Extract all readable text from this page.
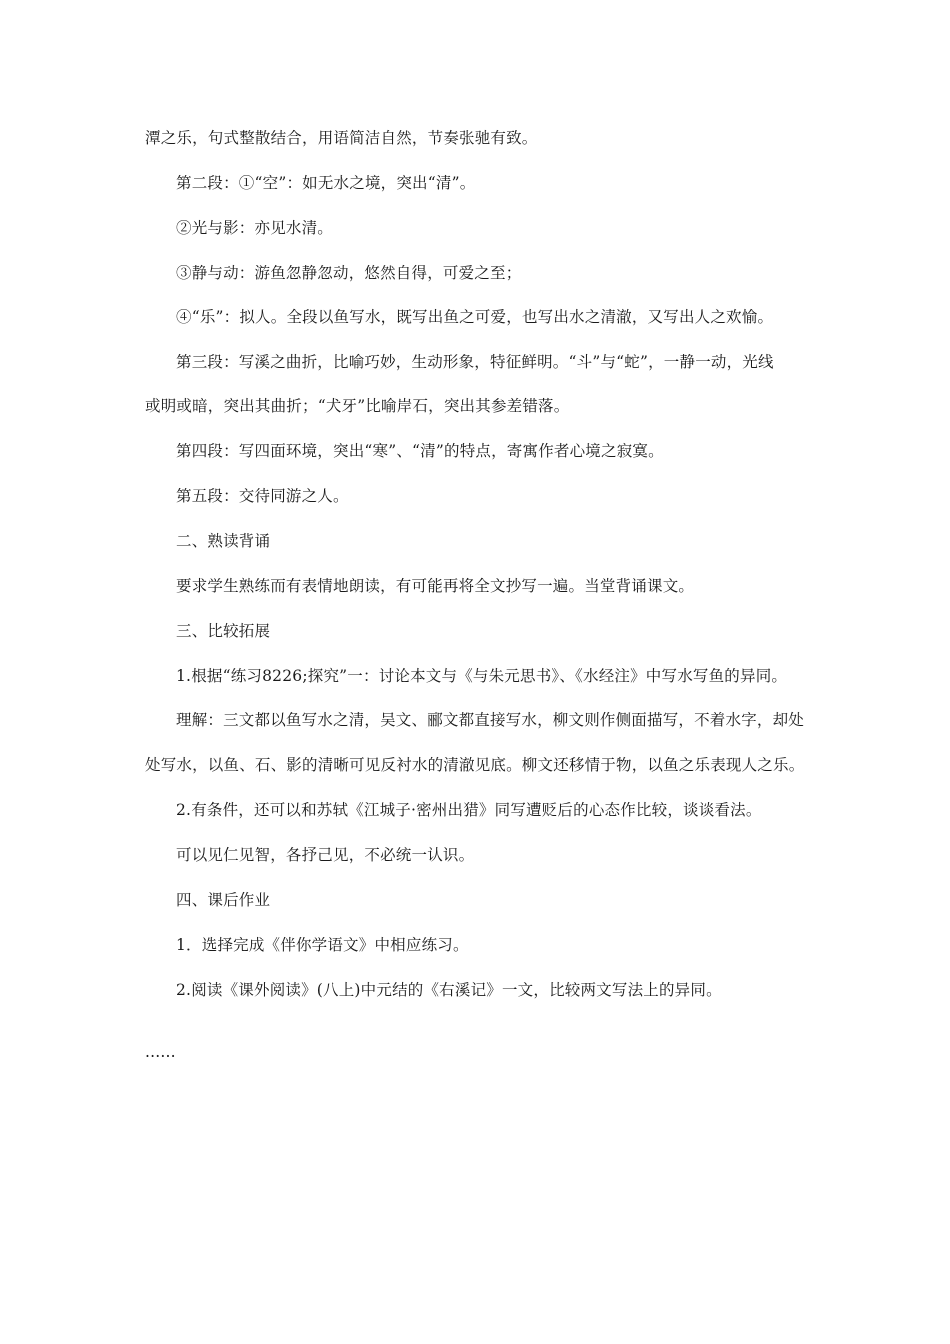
潭之乐，句式整散结合，用语简洁自然，节奏张驰有致。
第二段：①“空”：如无水之境，突出“清”。
②光与影：亦见水清。
③静与动：游鱼忽静忽动，悠然自得，可爱之至；
④“乐”：拟人。全段以鱼写水，既写出鱼之可爱，也写出水之清澈，又写出人之欢愉。
第三段：写溪之曲折，比喻巧妙，生动形象，特征鲜明。“斗”与“蛇”，一静一动，光线
或明或暗，突出其曲折；“犬牙”比喻岸石，突出其参差错落。
第四段：写四面环境，突出“寒”、“清”的特点，寄寓作者心境之寂寞。
第五段：交待同游之人。
二、熟读背诵
要求学生熟练而有表情地朗读，有可能再将全文抄写一遍。当堂背诵课文。
三、比较拓展
1.根据“练习8226;探究”一：讨论本文与《与朱元思书》、《水经注》中写水写鱼的异同。
理解：三文都以鱼写水之清，吴文、郦文都直接写水，柳文则作侧面描写，不着水字，却处
处写水，以鱼、石、影的清晰可见反衬水的清澈见底。柳文还移情于物，以鱼之乐表现人之乐。
2.有条件，还可以和苏轼《江城子·密州出猎》同写遭贬后的心态作比较，谈谈看法。
可以见仁见智，各抒己见，不必统一认识。
四、课后作业
1．选择完成《伴你学语文》中相应练习。
2.阅读《课外阅读》(八上)中元结的《右溪记》一文，比较两文写法上的异同。
......
